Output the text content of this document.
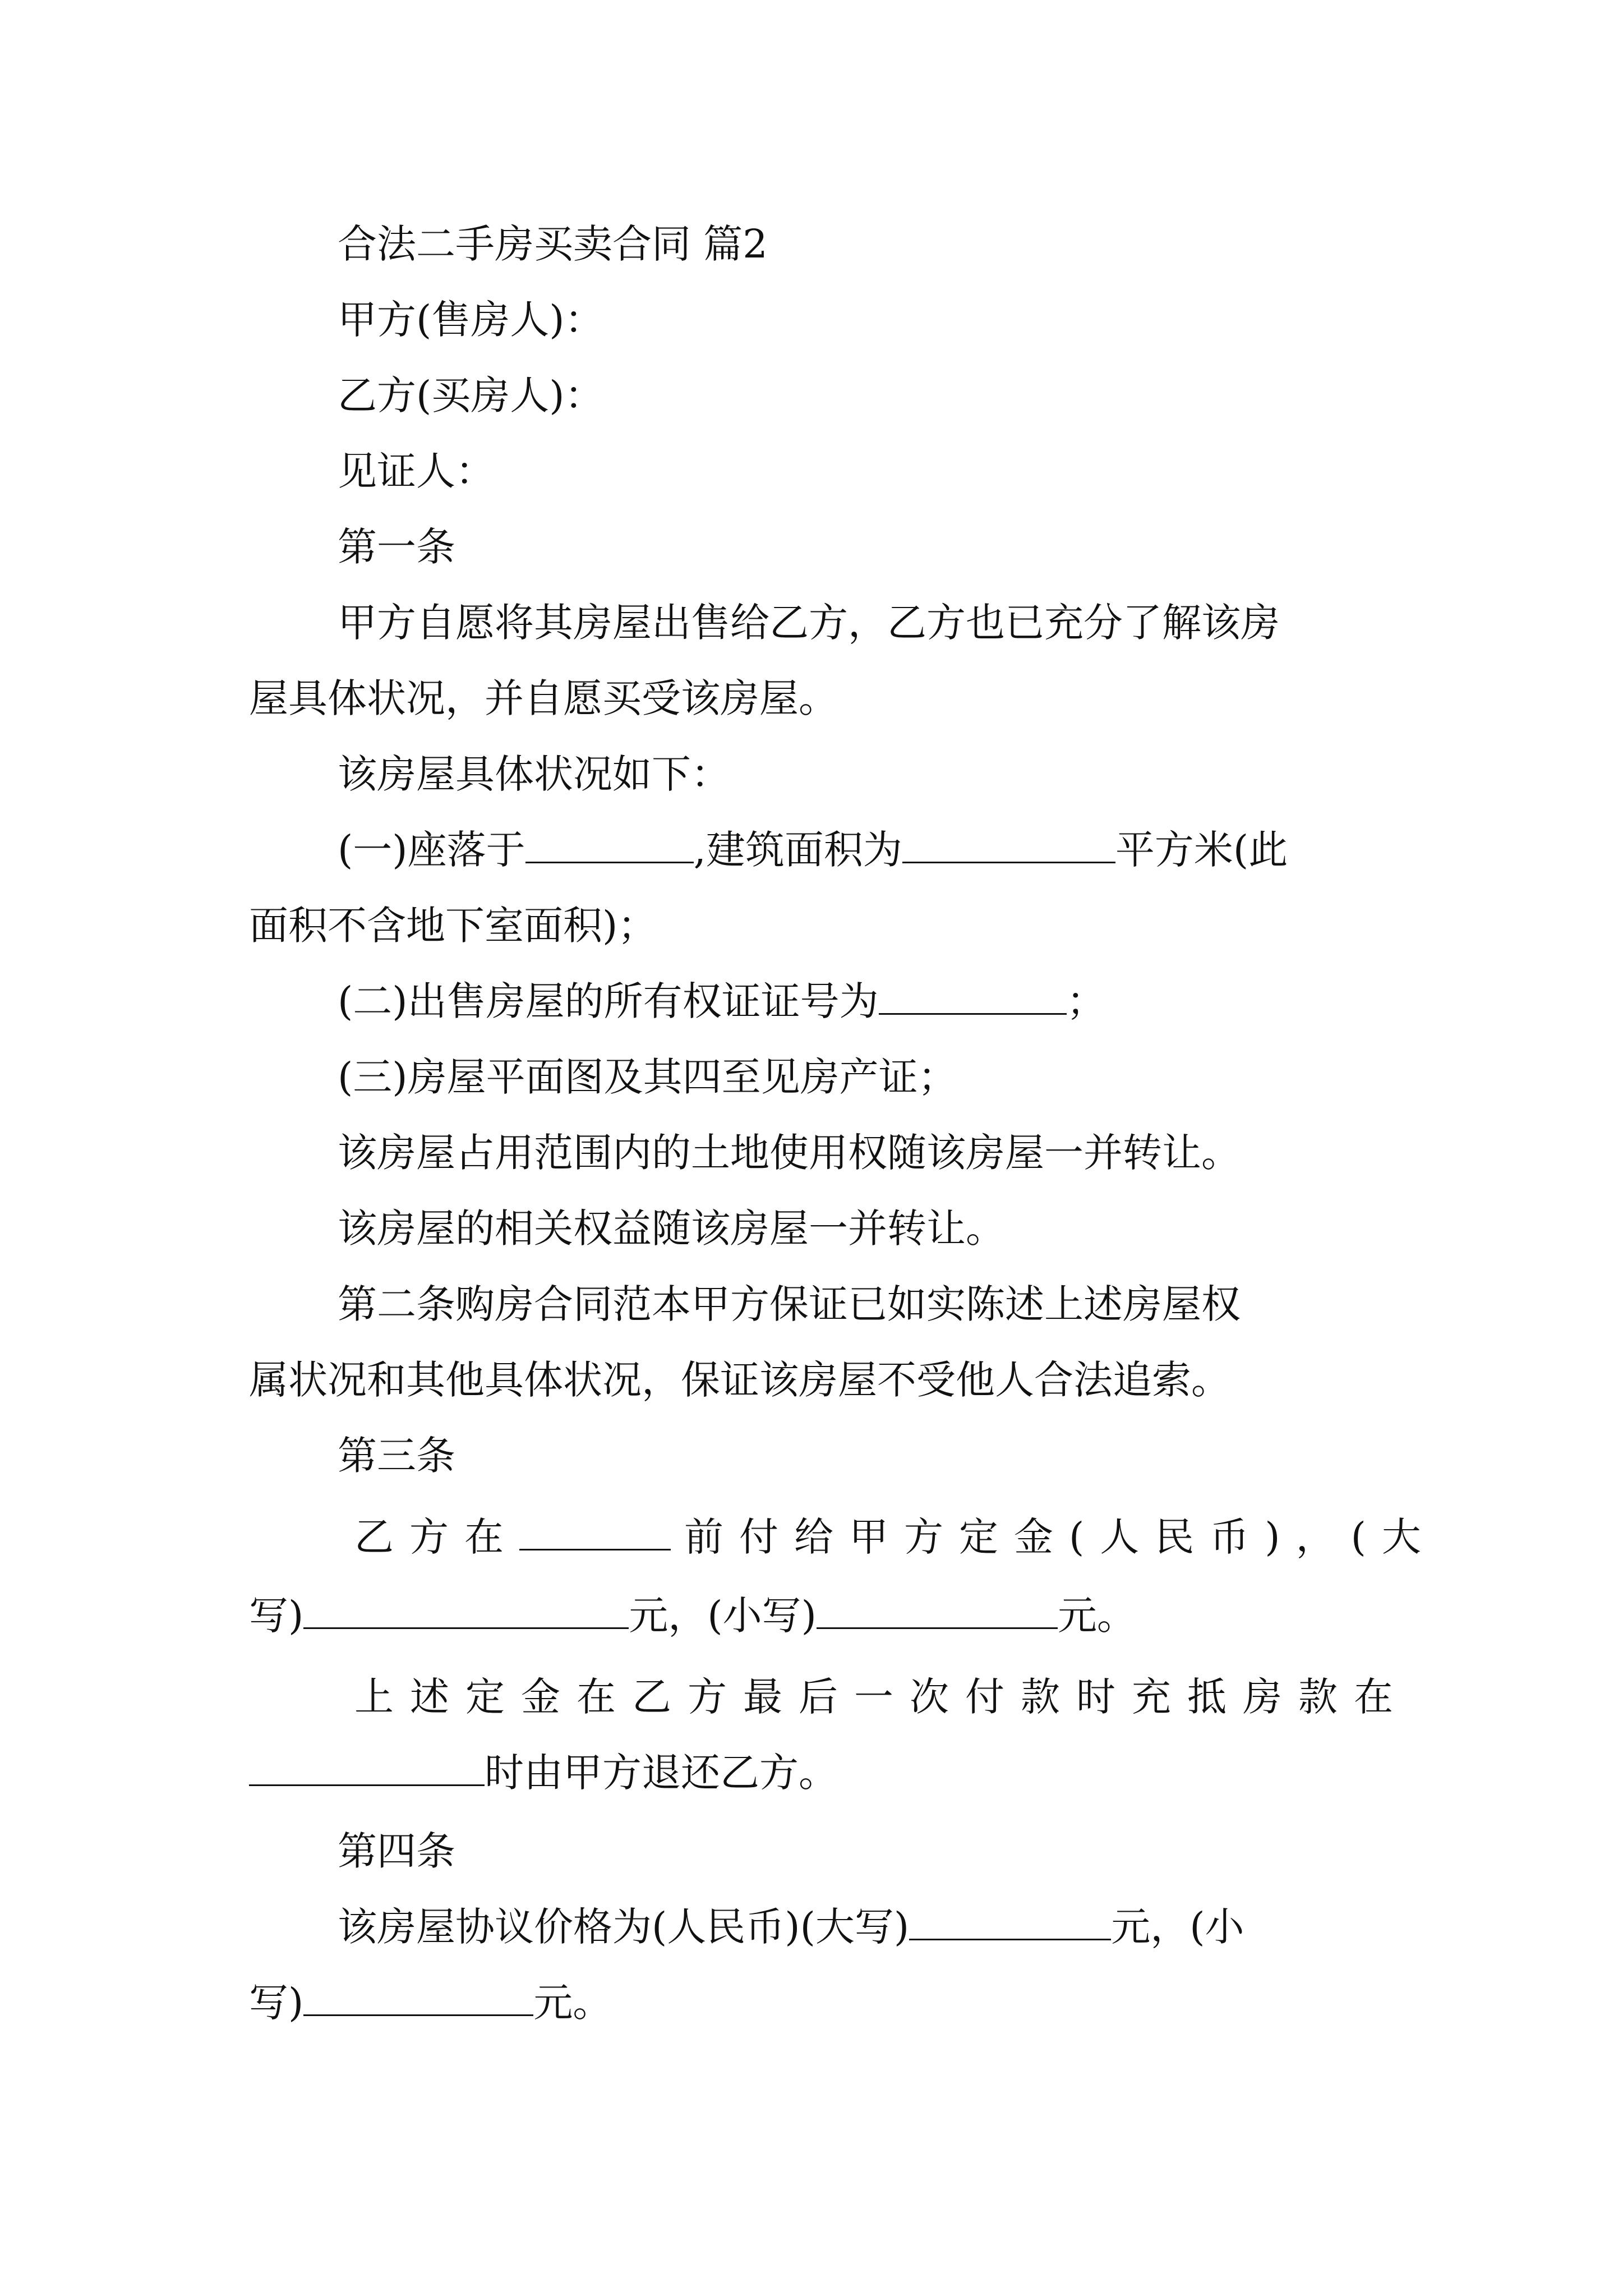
合法二手房买卖合同 篇2
甲方(售房人)：
乙方(买房人)：
见证人：
第一条
甲方自愿将其房屋出售给乙方，乙方也已充分了解该房
屋具体状况，并自愿买受该房屋。
该房屋具体状况如下：
(一)座落于	,建筑面积为	平方米(此
面积不含地下室面积)；
(二)出售房屋的所有权证证号为	；
(三)房屋平面图及其四至见房产证；
该房屋占用范围内的土地使用权随该房屋一并转让。
该房屋的相关权益随该房屋一并转让。
第二条购房合同范本甲方保证已如实陈述上述房屋权
属状况和其他具体状况，保证该房屋不受他人合法追索。
第三条
乙方在	前付给甲方定金(人民币)，(大
写)	元，(小写)	元。
上述定金在乙方最后一次付款时充抵房款在
时由甲方退还乙方。
第四条
该房屋协议价格为(人民币)(大写)	元，(小
写)	元。
